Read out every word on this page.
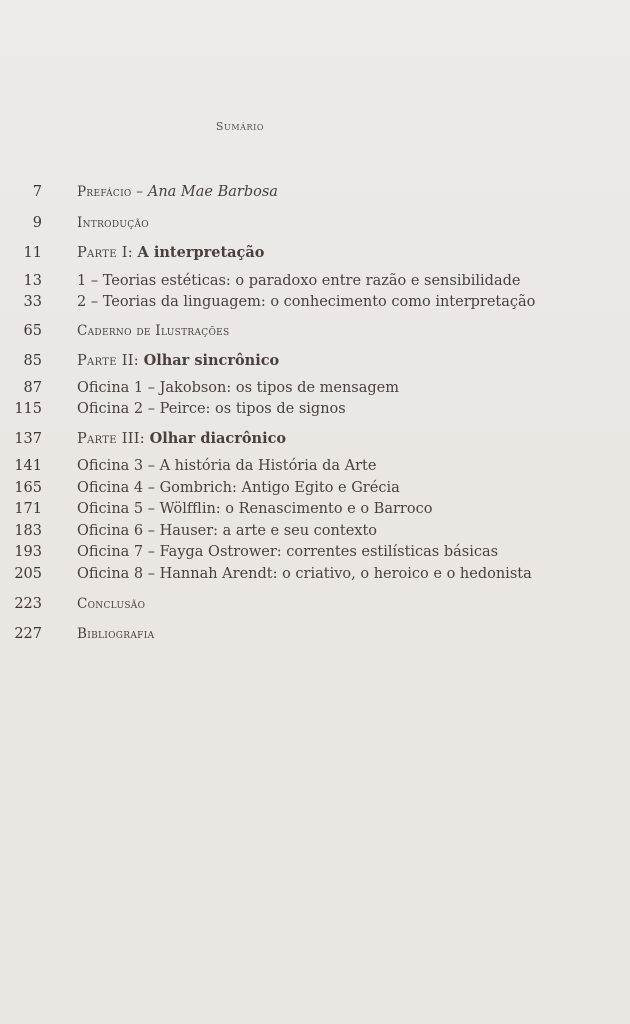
Sumário
7	Prefácio – Ana Mae Barbosa
9	Introdução
11 Parte I: A interpretação
13 1 – Teorias estéticas: o paradoxo entre razão e sensibilidade
33 2 – Teorias da linguagem: o conhecimento como interpretação
65	Caderno de Ilustrações
85 Parte II: Olhar sincrônico
87 Oficina 1 – Jakobson: os tipos de mensagem
115 Oficina 2 – Peirce: os tipos de signos
137 Parte III: Olhar diacrônico
141 Oficina 3 – A história da História da Arte
165 Oficina 4 – Gombrich: Antigo Egito e Grécia
171 Oficina 5 – Wölfflin: o Renascimento e o Barroco
183 Oficina 6 – Hauser: a arte e seu contexto
193 Oficina 7 – Fayga Ostrower: correntes estilísticas básicas
205 Oficina 8 – Hannah Arendt: o criativo, o heroico e o hedonista
223	Conclusão
227	Bibliografia
